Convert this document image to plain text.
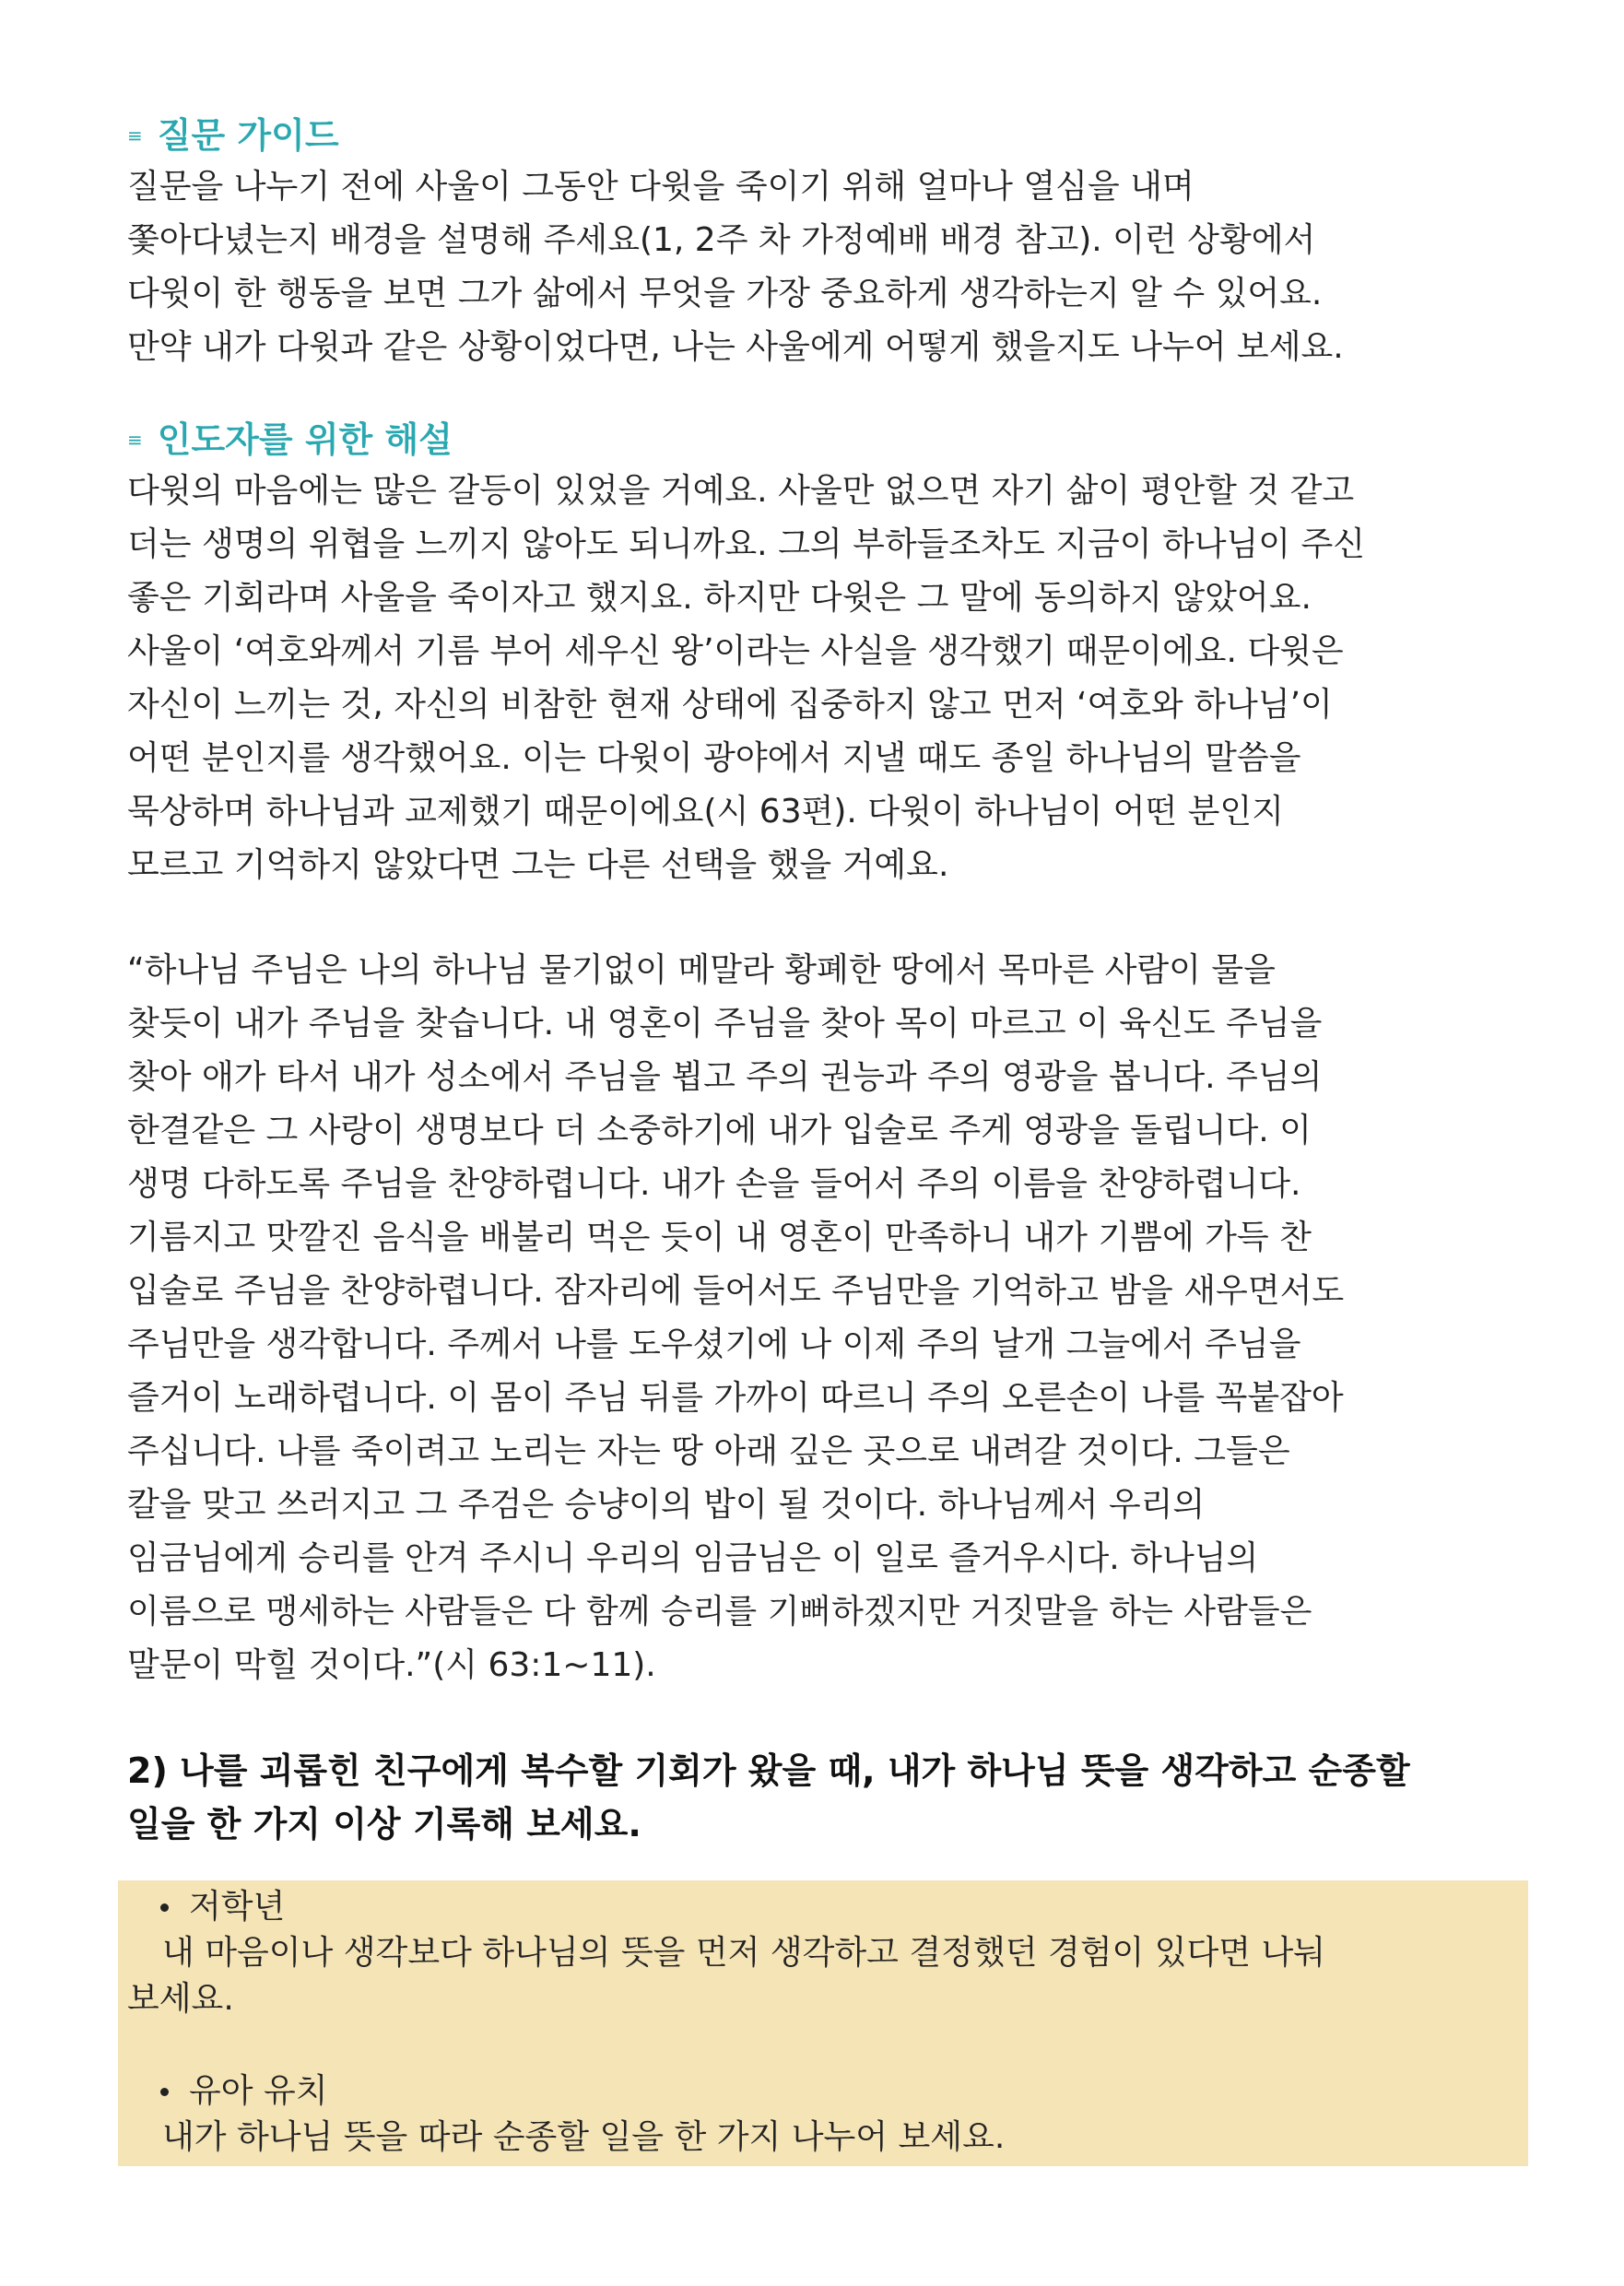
≡ 질문 가이드

질문을 나누기 전에 사울이 그동안 다윗을 죽이기 위해 얼마나 열심을 내며
쫓아다녔는지 배경을 설명해 주세요(1, 2주 차 가정예배 배경 참고). 이런 상황에서
다윗이 한 행동을 보면 그가 삶에서 무엇을 가장 중요하게 생각하는지 알 수 있어요.
만약 내가 다윗과 같은 상황이었다면, 나는 사울에게 어떻게 했을지도 나누어 보세요.

≡ 인도자를 위한 해설

다윗의 마음에는 많은 갈등이 있었을 거예요. 사울만 없으면 자기 삶이 평안할 것 같고
더는 생명의 위협을 느끼지 않아도 되니까요. 그의 부하들조차도 지금이 하나님이 주신
좋은 기회라며 사울을 죽이자고 했지요. 하지만 다윗은 그 말에 동의하지 않았어요.
사울이 ‘여호와께서 기름 부어 세우신 왕’이라는 사실을 생각했기 때문이에요. 다윗은
자신이 느끼는 것, 자신의 비참한 현재 상태에 집중하지 않고 먼저 ‘여호와 하나님’이
어떤 분인지를 생각했어요. 이는 다윗이 광야에서 지낼 때도 종일 하나님의 말씀을
묵상하며 하나님과 교제했기 때문이에요(시 63편). 다윗이 하나님이 어떤 분인지
모르고 기억하지 않았다면 그는 다른 선택을 했을 거예요.

“하나님 주님은 나의 하나님 물기없이 메말라 황폐한 땅에서 목마른 사람이 물을
찾듯이 내가 주님을 찾습니다. 내 영혼이 주님을 찾아 목이 마르고 이 육신도 주님을
찾아 애가 타서 내가 성소에서 주님을 뵙고 주의 권능과 주의 영광을 봅니다. 주님의
한결같은 그 사랑이 생명보다 더 소중하기에 내가 입술로 주게 영광을 돌립니다. 이
생명 다하도록 주님을 찬양하렵니다. 내가 손을 들어서 주의 이름을 찬양하렵니다.
기름지고 맛깔진 음식을 배불리 먹은 듯이 내 영혼이 만족하니 내가 기쁨에 가득 찬
입술로 주님을 찬양하렵니다. 잠자리에 들어서도 주님만을 기억하고 밤을 새우면서도
주님만을 생각합니다. 주께서 나를 도우셨기에 나 이제 주의 날개 그늘에서 주님을
즐거이 노래하렵니다. 이 몸이 주님 뒤를 가까이 따르니 주의 오른손이 나를 꼭붙잡아
주십니다. 나를 죽이려고 노리는 자는 땅 아래 깊은 곳으로 내려갈 것이다. 그들은
칼을 맞고 쓰러지고 그 주검은 승냥이의 밥이 될 것이다. 하나님께서 우리의
임금님에게 승리를 안겨 주시니 우리의 임금님은 이 일로 즐거우시다. 하나님의
이름으로 맹세하는 사람들은 다 함께 승리를 기뻐하겠지만 거짓말을 하는 사람들은
말문이 막힐 것이다.”(시 63:1~11).

2) 나를 괴롭힌 친구에게 복수할 기회가 왔을 때, 내가 하나님 뜻을 생각하고 순종할
일을 한 가지 이상 기록해 보세요.
저학년
내 마음이나 생각보다 하나님의 뜻을 먼저 생각하고 결정했던 경험이 있다면 나눠
보세요.
유아 유치
내가 하나님 뜻을 따라 순종할 일을 한 가지 나누어 보세요.
